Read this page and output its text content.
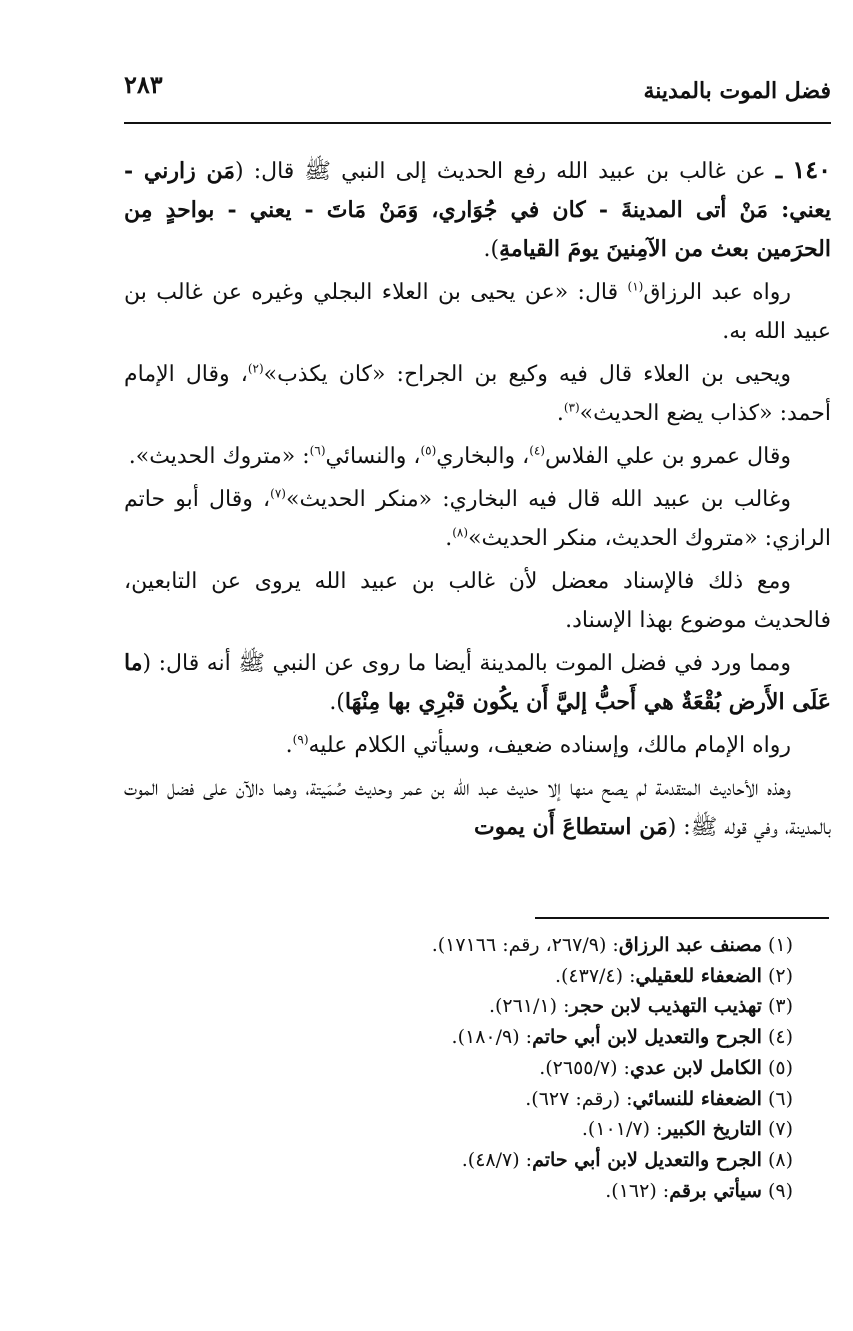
فضل الموت بالمدينة
٢٨٣

١٤٠ ـ عن غالب بن عبيد الله رفع الحديث إلى النبي ﷺ قال: (مَن زارني - يعني: مَنْ أتى المدينةَ - كان في جُوَاري، وَمَنْ مَاتَ - يعني - بواحدٍ مِن الحرَمين بعث من الآمِنينَ يومَ القيامةِ).

رواه عبد الرزاق$^{(١)}$ قال: «عن يحيى بن العلاء البجلي وغيره عن غالب بن عبيد الله به.

ويحيى بن العلاء قال فيه وكيع بن الجراح: «كان يكذب»$^{(٢)}$، وقال الإمام أحمد: «كذاب يضع الحديث»$^{(٣)}$.

وقال عمرو بن علي الفلاس$^{(٤)}$، والبخاري$^{(٥)}$، والنسائي$^{(٦)}$: «متروك الحديث».

وغالب بن عبيد الله قال فيه البخاري: «منكر الحديث»$^{(٧)}$، وقال أبو حاتم الرازي: «متروك الحديث، منكر الحديث»$^{(٨)}$.

ومع ذلك فالإسناد معضل لأن غالب بن عبيد الله يروى عن التابعين، فالحديث موضوع بهذا الإسناد.

ومما ورد في فضل الموت بالمدينة أيضا ما روى عن النبي ﷺ أنه قال: (ما عَلَى الأَرض بُقْعَةٌ هي أَحبُّ إليَّ أَن يكُون قبْرِي بها مِنْهَا).

رواه الإمام مالك، وإسناده ضعيف، وسيأتي الكلام عليه$^{(٩)}$.

وهذه الأحاديث المتقدمة لم يصح منها إلا حديث عبد الله بن عمر وحديث صُمَيتة، وهما دالآن على فضل الموت بالمدينة، وفي قوله ﷺ: (مَن استطاعَ أَن يموت

(١) مصنف عبد الرزاق: (٢٦٧/٩، رقم: ١٧١٦٦).
(٢) الضعفاء للعقيلي: (٤٣٧/٤).
(٣) تهذيب التهذيب لابن حجر: (٢٦١/١).
(٤) الجرح والتعديل لابن أبي حاتم: (١٨٠/٩).
(٥) الكامل لابن عدي: (٢٦٥٥/٧).
(٦) الضعفاء للنسائي: (رقم: ٦٢٧).
(٧) التاريخ الكبير: (١٠١/٧).
(٨) الجرح والتعديل لابن أبي حاتم: (٤٨/٧).
(٩) سيأتي برقم: (١٦٢).
